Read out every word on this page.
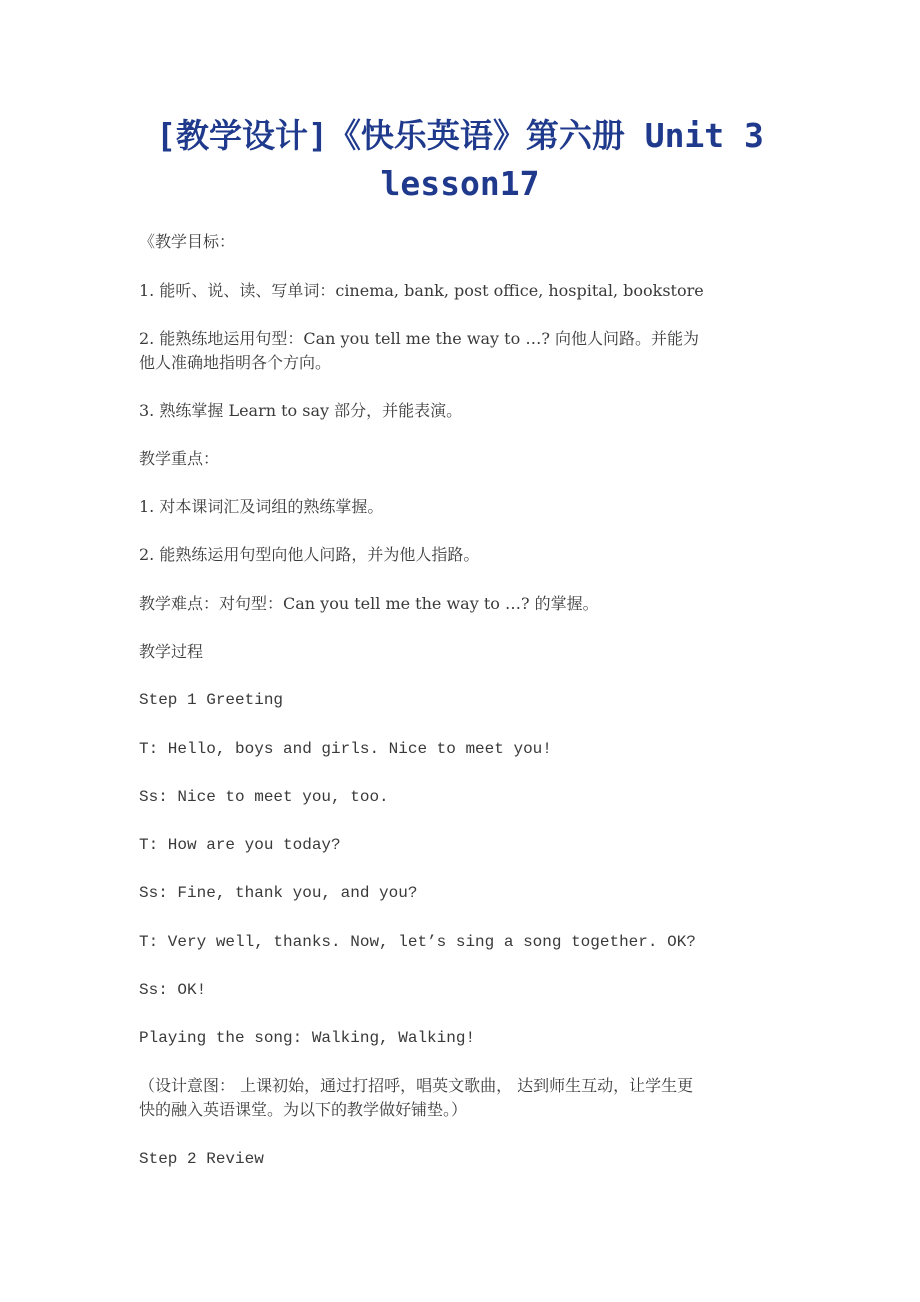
[教学设计]《快乐英语》第六册 Unit 3
lesson17
《教学目标：
1. 能听、说、读、写单词：cinema, bank, post office, hospital, bookstore
2. 能熟练地运用句型：Can you tell me the way to …? 向他人问路。并能为
他人准确地指明各个方向。
3. 熟练掌握 Learn to say 部分，并能表演。
教学重点：
1. 对本课词汇及词组的熟练掌握。
2. 能熟练运用句型向他人问路，并为他人指路。
教学难点：对句型：Can you tell me the way to …? 的掌握。
教学过程
Step 1 Greeting
T: Hello, boys and girls. Nice to meet you!
Ss: Nice to meet you, too.
T: How are you today?
Ss: Fine, thank you, and you?
T: Very well, thanks. Now, let’s sing a song together. OK?
Ss: OK!
Playing the song: Walking, Walking!
（设计意图： 上课初始，通过打招呼，唱英文歌曲， 达到师生互动，让学生更
快的融入英语课堂。为以下的教学做好铺垫。）
Step 2 Review
